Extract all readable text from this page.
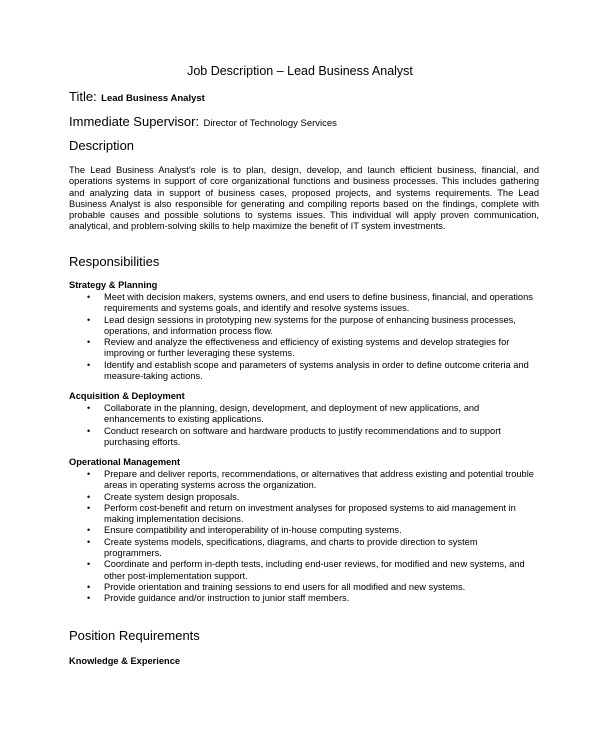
Job Description – Lead Business Analyst
Title: Lead Business Analyst
Immediate Supervisor: Director of Technology Services
Description
The Lead Business Analyst’s role is to plan, design, develop, and launch efficient business, financial, and operations systems in support of core organizational functions and business processes. This includes gathering and analyzing data in support of business cases, proposed projects, and systems requirements. The Lead Business Analyst is also responsible for generating and compiling reports based on the findings, complete with probable causes and possible solutions to systems issues. This individual will apply proven communication, analytical, and problem-solving skills to help maximize the benefit of IT system investments.
Responsibilities
Strategy & Planning
• Meet with decision makers, systems owners, and end users to define business, financial, and operations requirements and systems goals, and identify and resolve systems issues.
• Lead design sessions in prototyping new systems for the purpose of enhancing business processes, operations, and information process flow.
• Review and analyze the effectiveness and efficiency of existing systems and develop strategies for improving or further leveraging these systems.
• Identify and establish scope and parameters of systems analysis in order to define outcome criteria and measure-taking actions.
Acquisition & Deployment
• Collaborate in the planning, design, development, and deployment of new applications, and enhancements to existing applications.
• Conduct research on software and hardware products to justify recommendations and to support purchasing efforts.
Operational Management
• Prepare and deliver reports, recommendations, or alternatives that address existing and potential trouble areas in operating systems across the organization.
• Create system design proposals.
• Perform cost-benefit and return on investment analyses for proposed systems to aid management in making implementation decisions.
• Ensure compatibility and interoperability of in-house computing systems.
• Create systems models, specifications, diagrams, and charts to provide direction to system programmers.
• Coordinate and perform in-depth tests, including end-user reviews, for modified and new systems, and other post-implementation support.
• Provide orientation and training sessions to end users for all modified and new systems.
• Provide guidance and/or instruction to junior staff members.
Position Requirements
Knowledge & Experience
